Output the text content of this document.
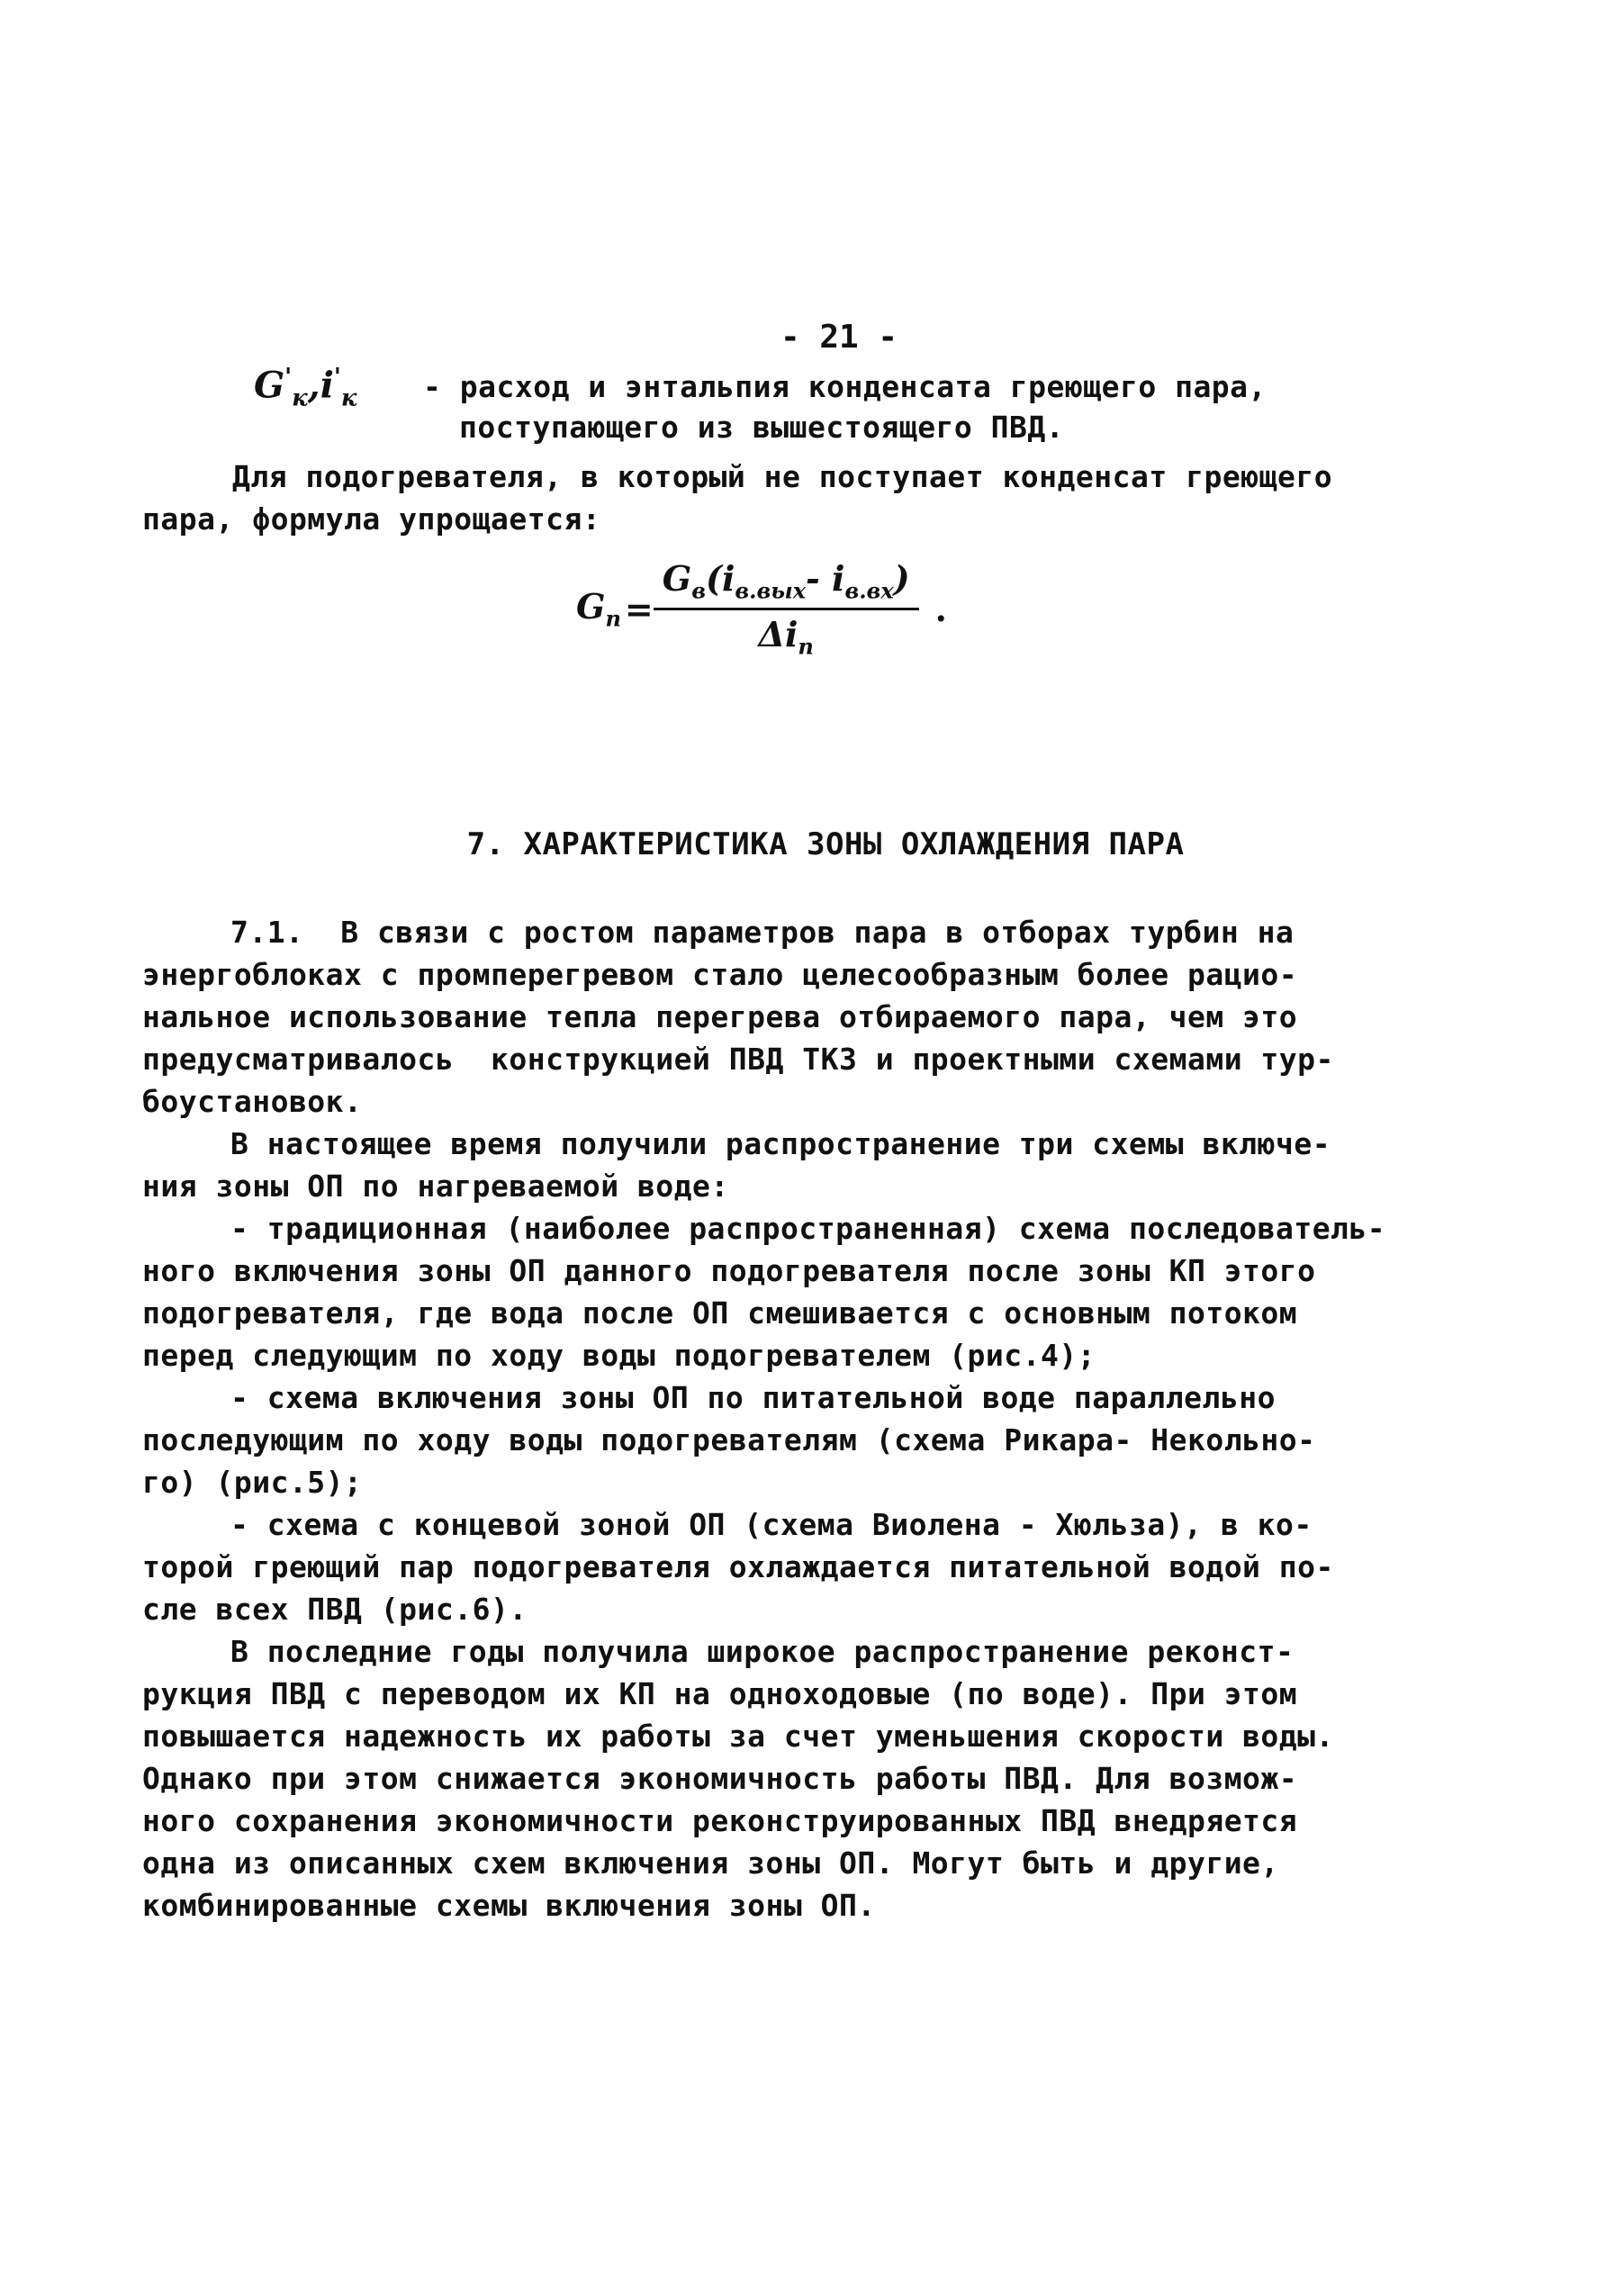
- 21 -
$G'_к,i'_к$ - расход и энтальпия конденсата греющего пара,
поступающего из вышестоящего ПВД.
Для подогревателя, в который не поступает конденсат греющего
пара, формула упрощается:
$G_п = \frac{G_в(i_{в.вых}- i_{в.вх})}{\Delta i_п}$ .
7. ХАРАКТЕРИСТИКА ЗОНЫ ОХЛАЖДЕНИЯ ПАРА
7.1.  В связи с ростом параметров пара в отборах турбин на
энергоблоках с промперегревом стало целесообразным более рацио-
нальное использование тепла перегрева отбираемого пара, чем это
предусматривалось  конструкцией ПВД ТКЗ и проектными схемами тур-
боустановок.
В настоящее время получили распространение три схемы включе-
ния зоны ОП по нагреваемой воде:
- традиционная (наиболее распространенная) схема последователь-
ного включения зоны ОП данного подогревателя после зоны КП этого
подогревателя, где вода после ОП смешивается с основным потоком
перед следующим по ходу воды подогревателем (рис.4);
- схема включения зоны ОП по питательной воде параллельно
последующим по ходу воды подогревателям (схема Рикара- Некольно-
го) (рис.5);
- схема с концевой зоной ОП (схема Виолена - Хюльза), в ко-
торой греющий пар подогревателя охлаждается питательной водой по-
сле всех ПВД (рис.6).
В последние годы получила широкое распространение реконст-
рукция ПВД с переводом их КП на одноходовые (по воде). При этом
повышается надежность их работы за счет уменьшения скорости воды.
Однако при этом снижается экономичность работы ПВД. Для возмож-
ного сохранения экономичности реконструированных ПВД внедряется
одна из описанных схем включения зоны ОП. Могут быть и другие,
комбинированные схемы включения зоны ОП.
